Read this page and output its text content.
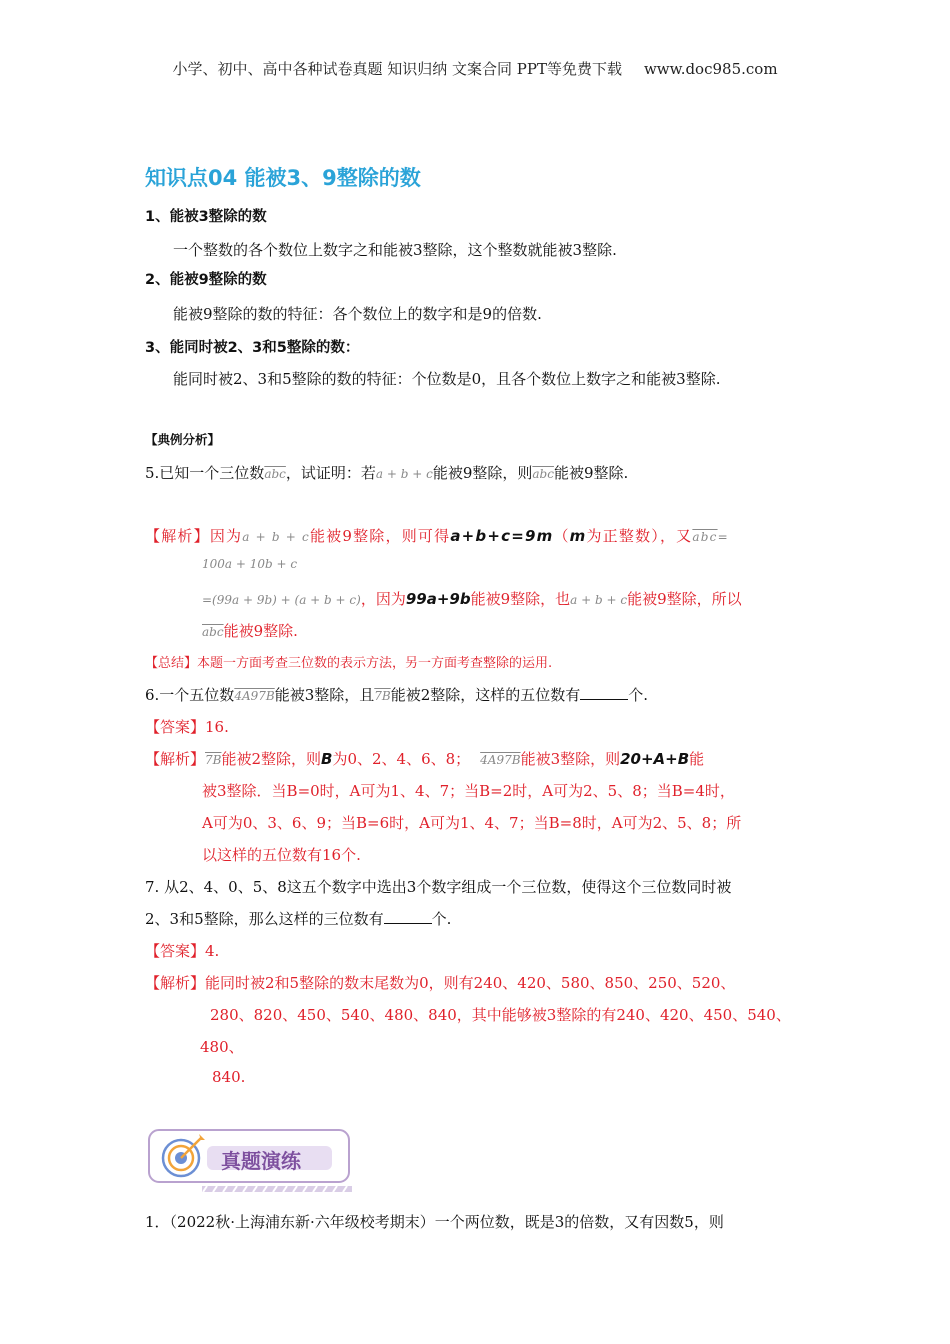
小学、初中、高中各种试卷真题 知识归纳 文案合同 PPT等免费下载 www.doc985.com
知识点04 能被3、9整除的数
1、能被3整除的数
一个整数的各个数位上数字之和能被3整除，这个整数就能被3整除.
2、能被9整除的数
能被9整除的数的特征：各个数位上的数字和是9的倍数.
3、能同时被2、3和5整除的数：
能同时被2、3和5整除的数的特征：个位数是0，且各个数位上数字之和能被3整除.
【典例分析】
5.已知一个三位数$\overline{abc}$，试证明：若a + b + c能被9整除，则$\overline{abc}$能被9整除.
【解析】因为a + b + c能被9整除，则可得a+b+c=9m（m为正整数），又$\overline{abc}=$
100a + 10b + c
=(99a + 9b) + (a + b + c)，因为99a+9b能被9整除，也a + b + c能被9整除，所以
$\overline{abc}$能被9整除.
【总结】本题一方面考查三位数的表示方法，另一方面考查整除的运用.
6.一个五位数4A97B能被3整除，且7B能被2整除，这样的五位数有	个.
【答案】16.
【解析】7B能被2整除，则B为0、2、4、6、8； 4A97B能被3整除，则20+A+B能
被3整除．当B=0时，A可为1、4、7；当B=2时，A可为2、5、8；当B=4时，
A可为0、3、6、9；当B=6时，A可为1、4、7；当B=8时，A可为2、5、8；所
以这样的五位数有16个.
7. 从2、4、0、5、8这五个数字中选出3个数字组成一个三位数，使得这个三位数同时被
2、3和5整除，那么这样的三位数有	个.
【答案】4.
【解析】能同时被2和5整除的数末尾数为0，则有240、420、580、850、250、520、
280、820、450、540、480、840，其中能够被3整除的有240、420、450、540、
480、
840.
真题演练
1．（2022秋·上海浦东新·六年级校考期末）一个两位数，既是3的倍数，又有因数5，则
